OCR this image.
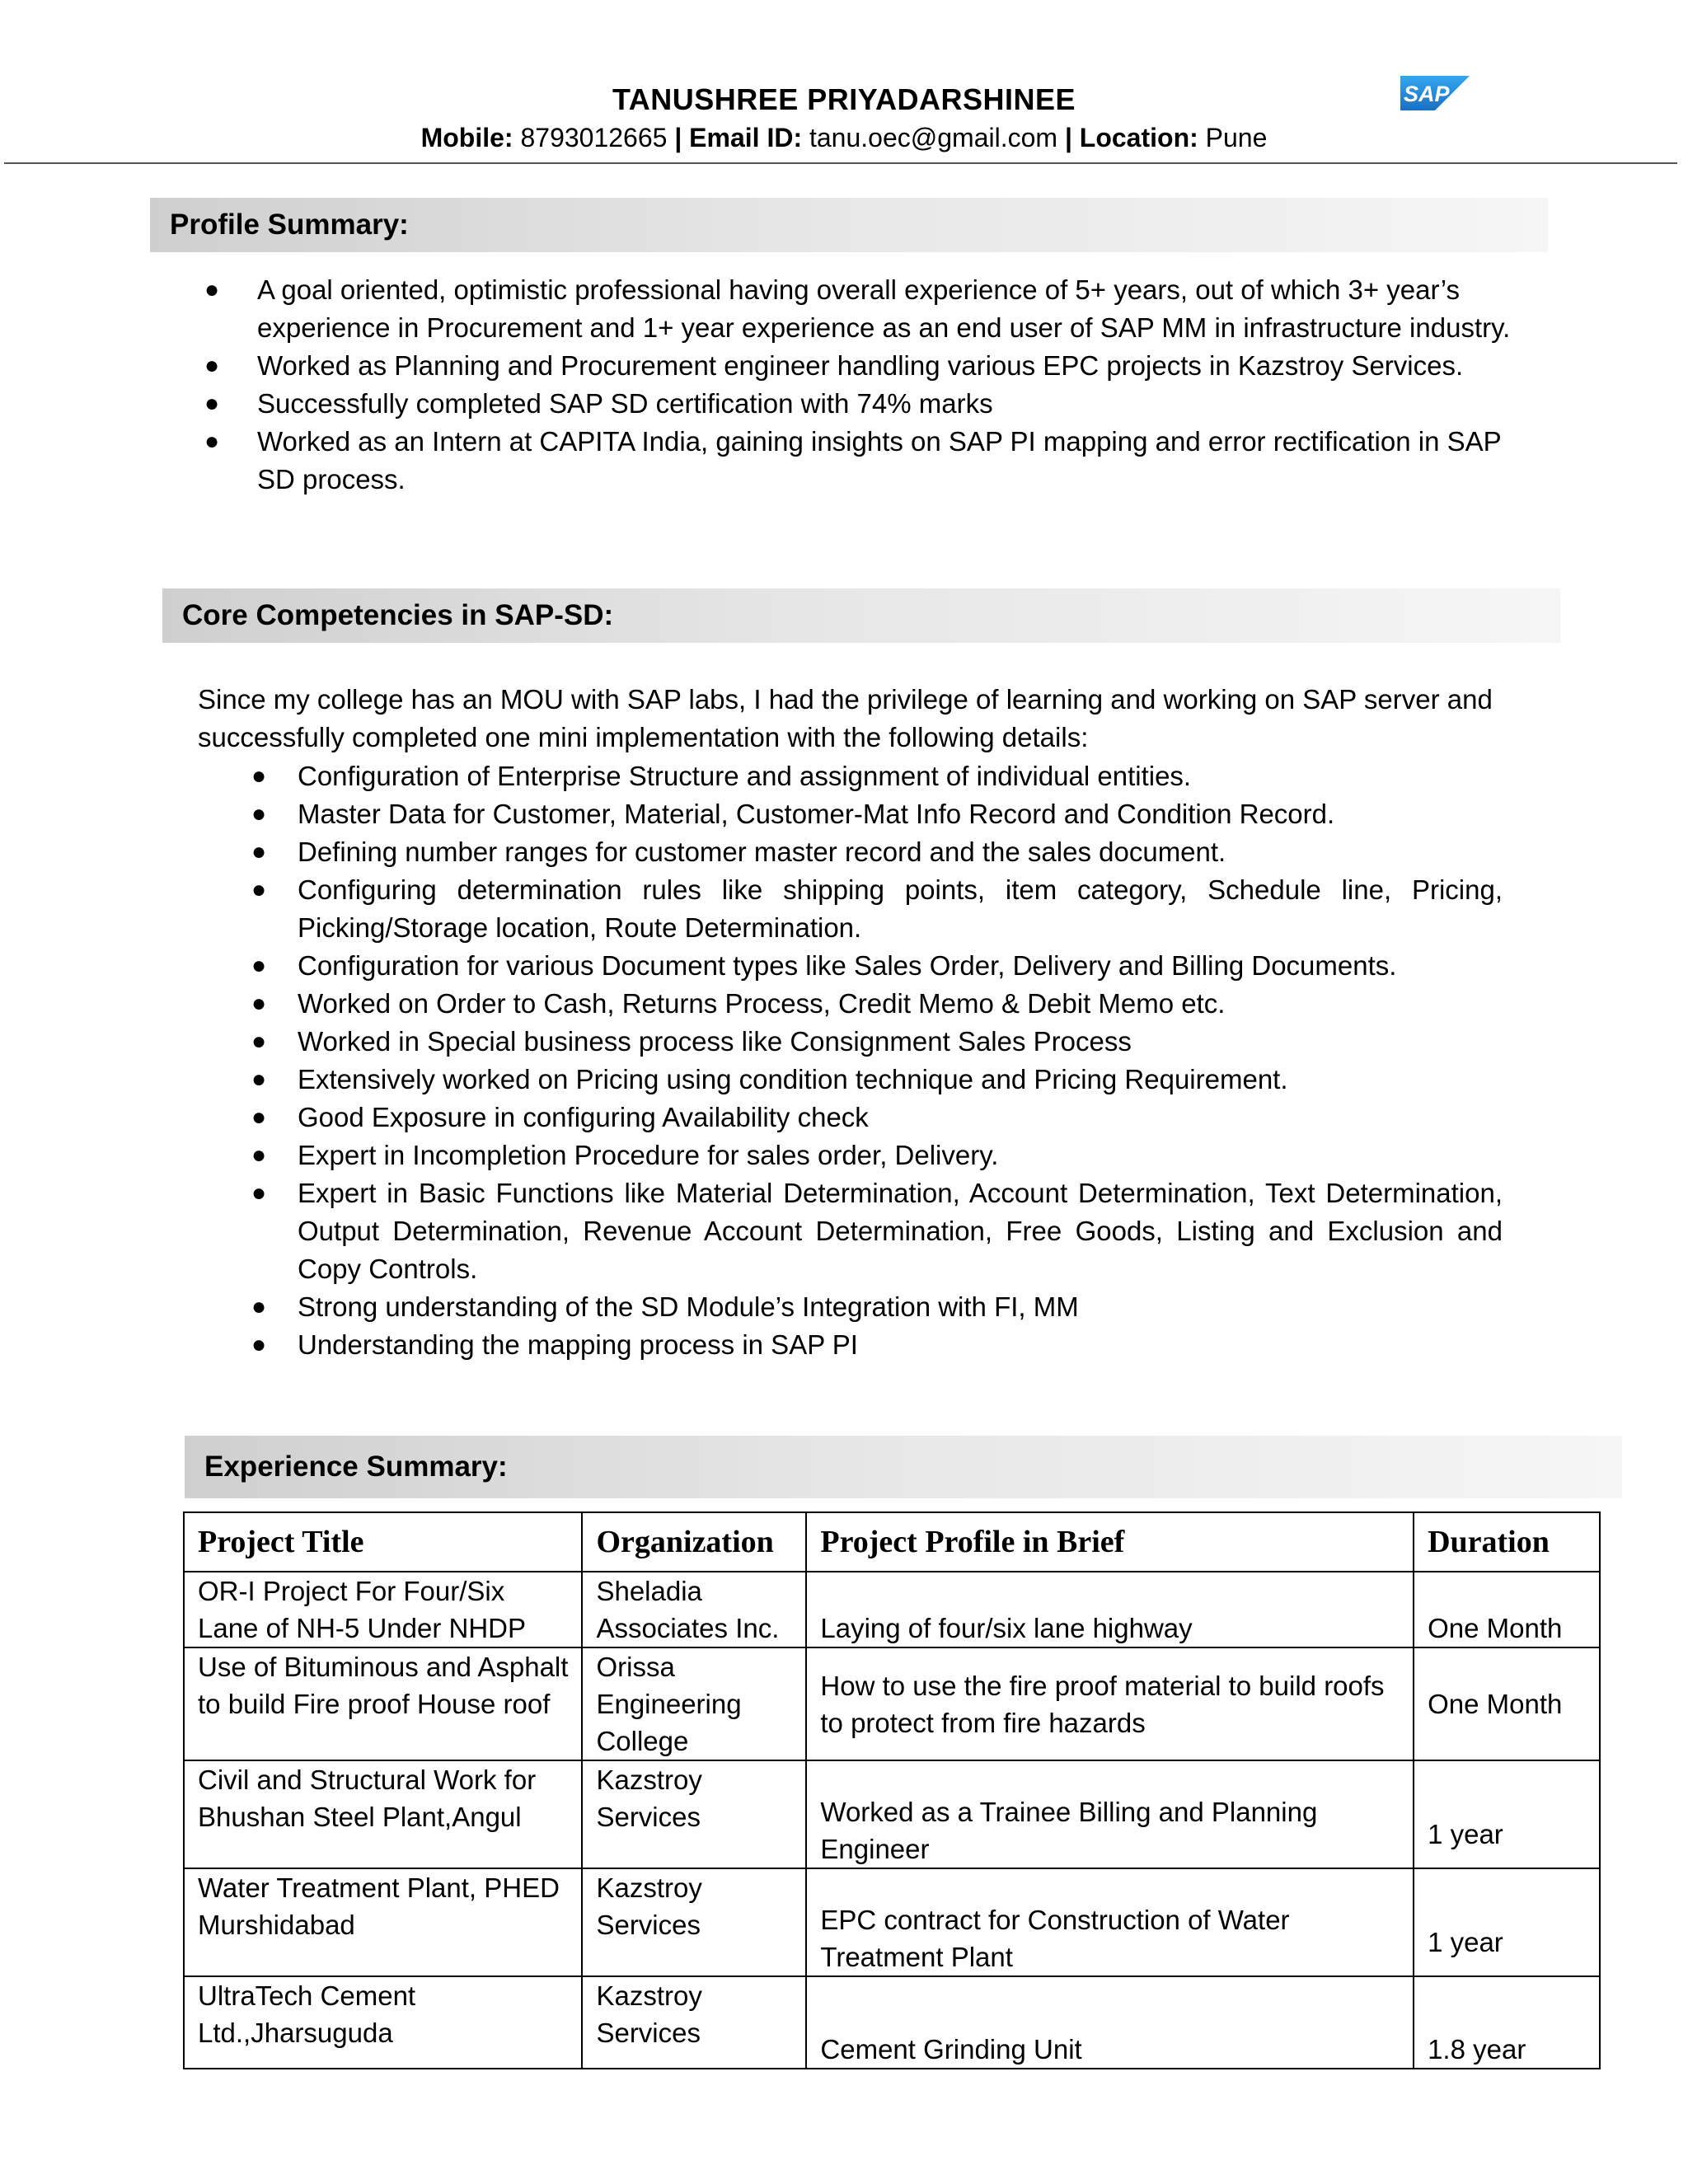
TANUSHREE PRIYADARSHINEE
Mobile: 8793012665 | Email ID: tanu.oec@gmail.com | Location: Pune
SAP
Profile Summary:
● A goal oriented, optimistic professional having overall experience of 5+ years, out of which 3+ year’s experience in Procurement and 1+ year experience as an end user of SAP MM in infrastructure industry.
● Worked as Planning and Procurement engineer handling various EPC projects in Kazstroy Services.
● Successfully completed SAP SD certification with 74% marks
● Worked as an Intern at CAPITA India, gaining insights on SAP PI mapping and error rectification in SAP SD process.
Core Competencies in SAP-SD:
Since my college has an MOU with SAP labs, I had the privilege of learning and working on SAP server and successfully completed one mini implementation with the following details:
● Configuration of Enterprise Structure and assignment of individual entities.
● Master Data for Customer, Material, Customer-Mat Info Record and Condition Record.
● Defining number ranges for customer master record and the sales document.
● Configuring determination rules like shipping points, item category, Schedule line, Pricing, Picking/Storage location, Route Determination.
● Configuration for various Document types like Sales Order, Delivery and Billing Documents.
● Worked on Order to Cash, Returns Process, Credit Memo & Debit Memo etc.
● Worked in Special business process like Consignment Sales Process
● Extensively worked on Pricing using condition technique and Pricing Requirement.
● Good Exposure in configuring Availability check
● Expert in Incompletion Procedure for sales order, Delivery.
● Expert in Basic Functions like Material Determination, Account Determination, Text Determination, Output Determination, Revenue Account Determination, Free Goods, Listing and Exclusion and Copy Controls.
● Strong understanding of the SD Module’s Integration with FI, MM
● Understanding the mapping process in SAP PI
Experience Summary:
Project Title	Organization	Project Profile in Brief	Duration
OR-I Project For Four/Six Lane of NH-5 Under NHDP	Sheladia Associates Inc.	Laying of four/six lane highway	One Month
Use of Bituminous and Asphalt to build Fire proof House roof	Orissa Engineering College	How to use the fire proof material to build roofs to protect from fire hazards	One Month
Civil and Structural Work for Bhushan Steel Plant,Angul	Kazstroy Services	Worked as a Trainee Billing and Planning Engineer	1 year
Water Treatment Plant, PHED Murshidabad	Kazstroy Services	EPC contract for Construction of Water Treatment Plant	1 year
UltraTech Cement Ltd.,Jharsuguda	Kazstroy Services	Cement Grinding Unit	1.8 year
